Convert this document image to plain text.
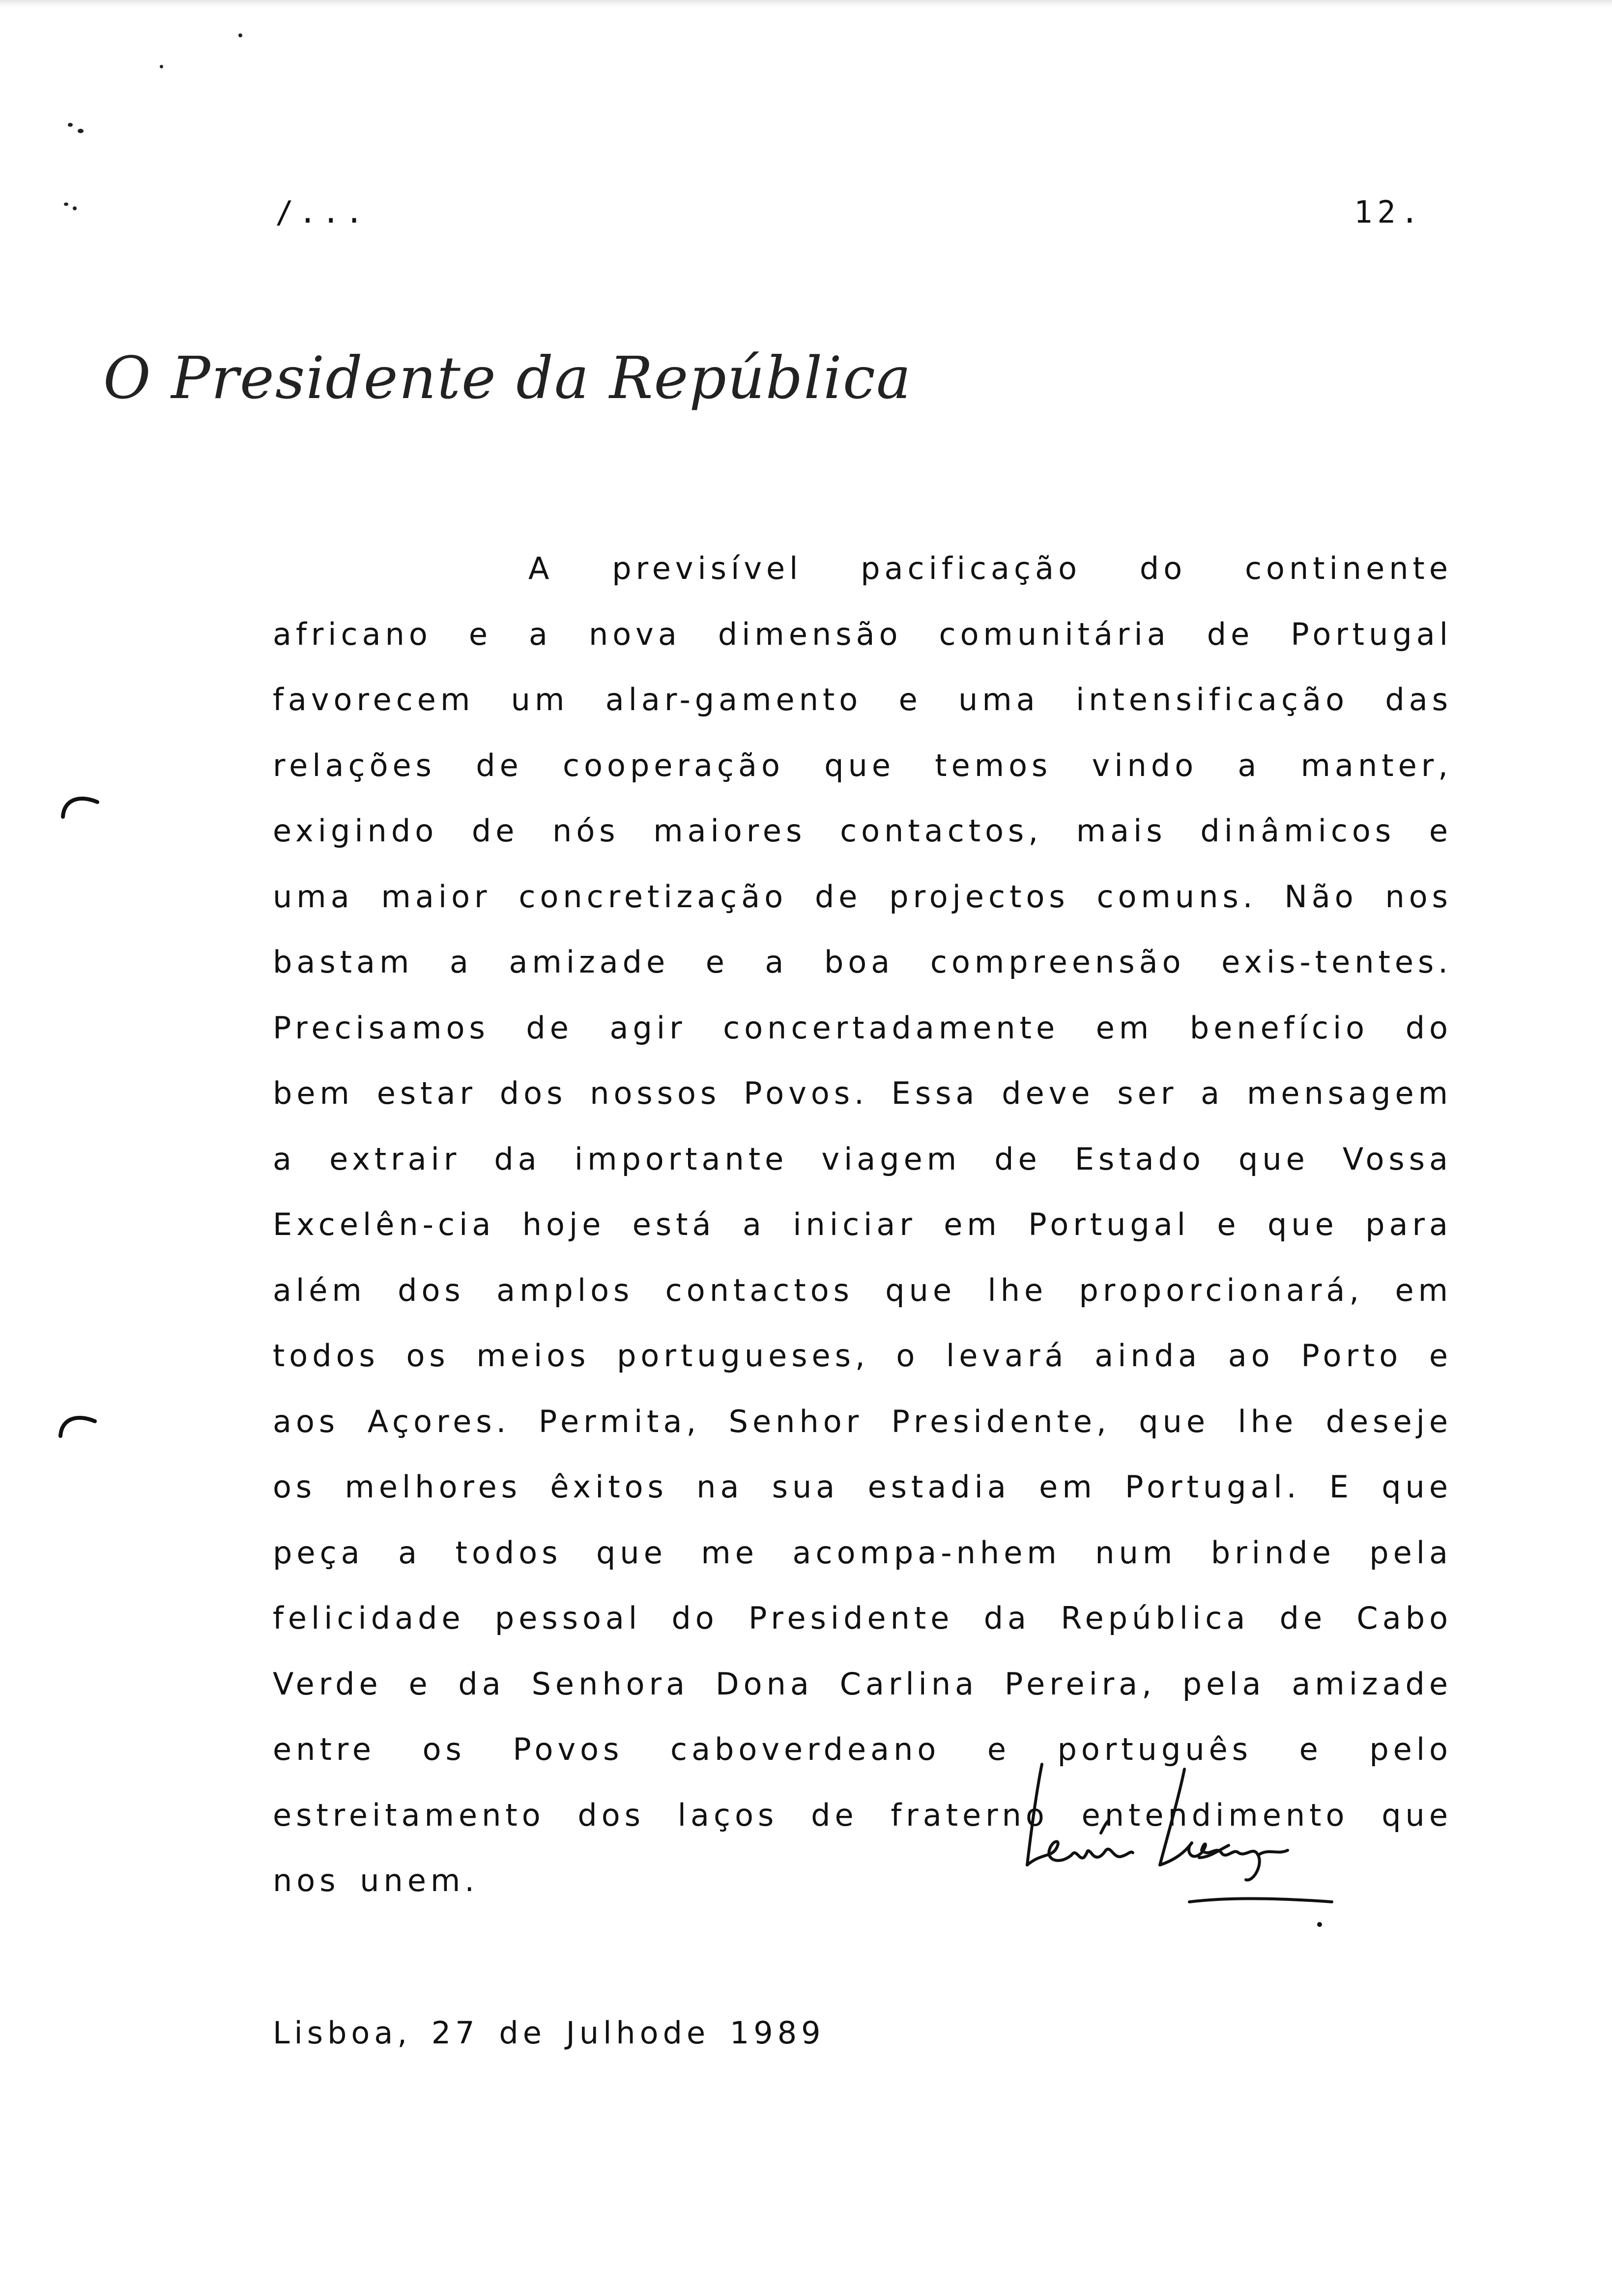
/...	12.
O Presidente da República

A previsível pacificação do continente africano e a nova dimensão comunitária de Portugal favorecem um alar-gamento e uma intensificação das relações de cooperação que temos vindo a manter, exigindo de nós maiores contactos, mais dinâmicos e uma maior concretização de projectos comuns. Não nos bastam a amizade e a boa compreensão exis-tentes. Precisamos de agir concertadamente em benefício do bem estar dos nossos Povos. Essa deve ser a mensagem a extrair da importante viagem de Estado que Vossa Excelên-cia hoje está a iniciar em Portugal e que para além dos amplos contactos que lhe proporcionará, em todos os meios portugueses, o levará ainda ao Porto e aos Açores. Permita, Senhor Presidente, que lhe deseje os melhores êxitos na sua estadia em Portugal. E que peça a todos que me acompa-nhem num brinde pela felicidade pessoal do Presidente da República de Cabo Verde e da Senhora Dona Carlina Pereira, pela amizade entre os Povos caboverdeano e português e pelo estreitamento dos laços de fraterno entendimento que nos unem.

Lisboa, 27 de Julhode 1989
